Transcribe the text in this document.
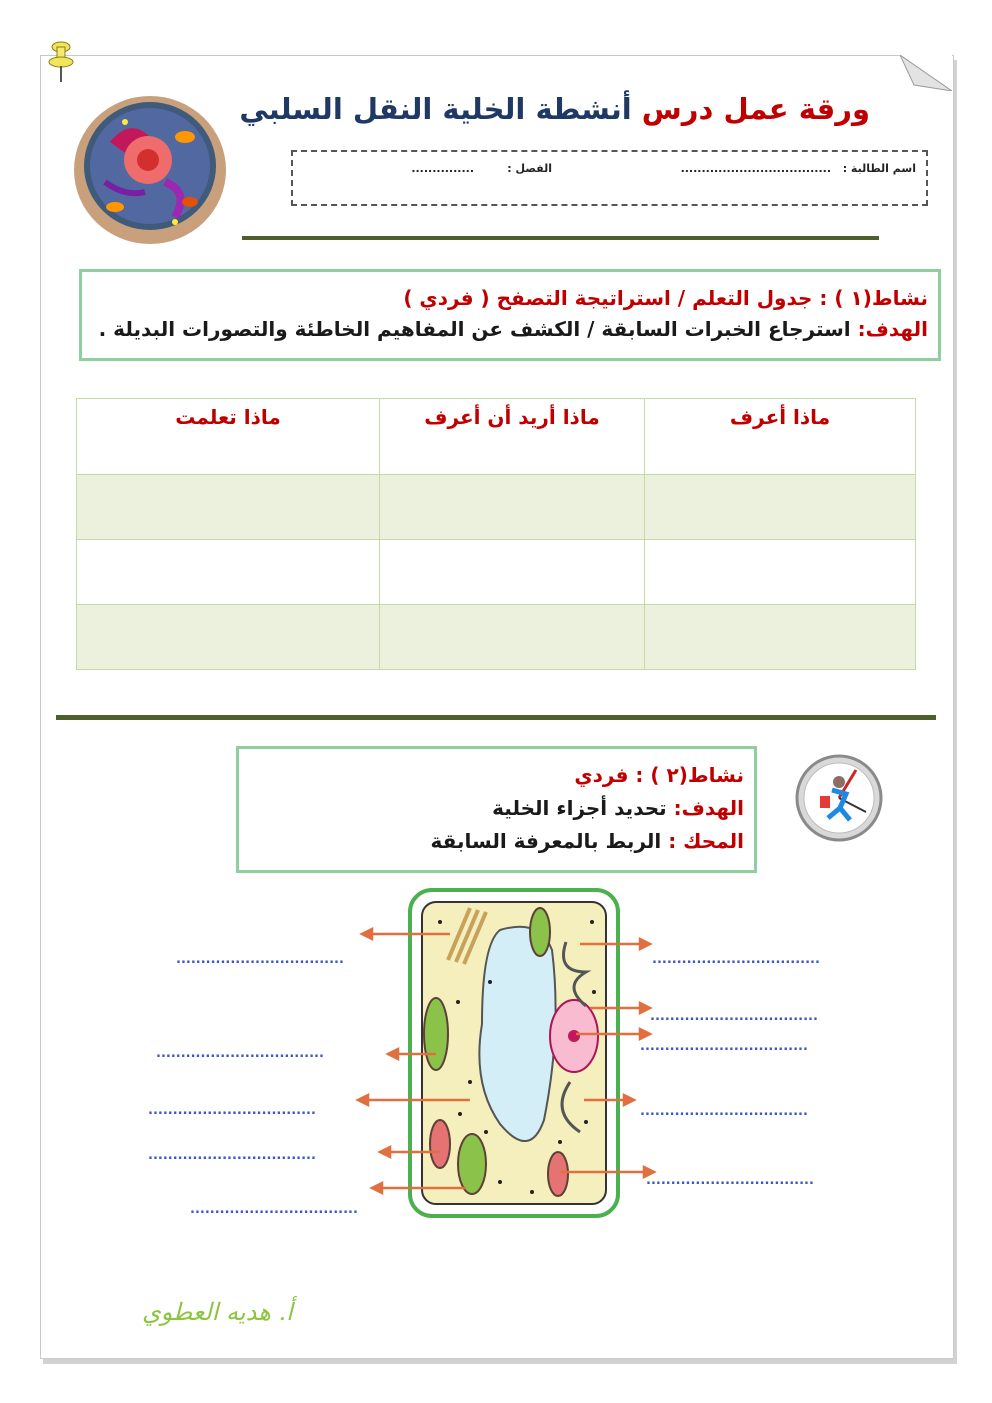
ورقة عمل درس أنشطة الخلية النقل السلبي
اسم الطالبة :
....................................
الفصل :
...............
نشاط(١ ) : جدول التعلم / استراتيجة التصفح ( فردي )
الهدف: استرجاع الخبرات السابقة / الكشف عن المفاهيم الخاطئة والتصورات البديلة .
ماذا أعرف	ماذا أريد أن أعرف	ماذا تعلمت

نشاط(٢ ) : فردي
الهدف: تحديد أجزاء الخلية
المحك : الربط بالمعرفة السابقة
..................................
..................................
..................................
..................................
..................................
..................................
..................................
..................................
..................................
..................................
أ. هديه العطوي
